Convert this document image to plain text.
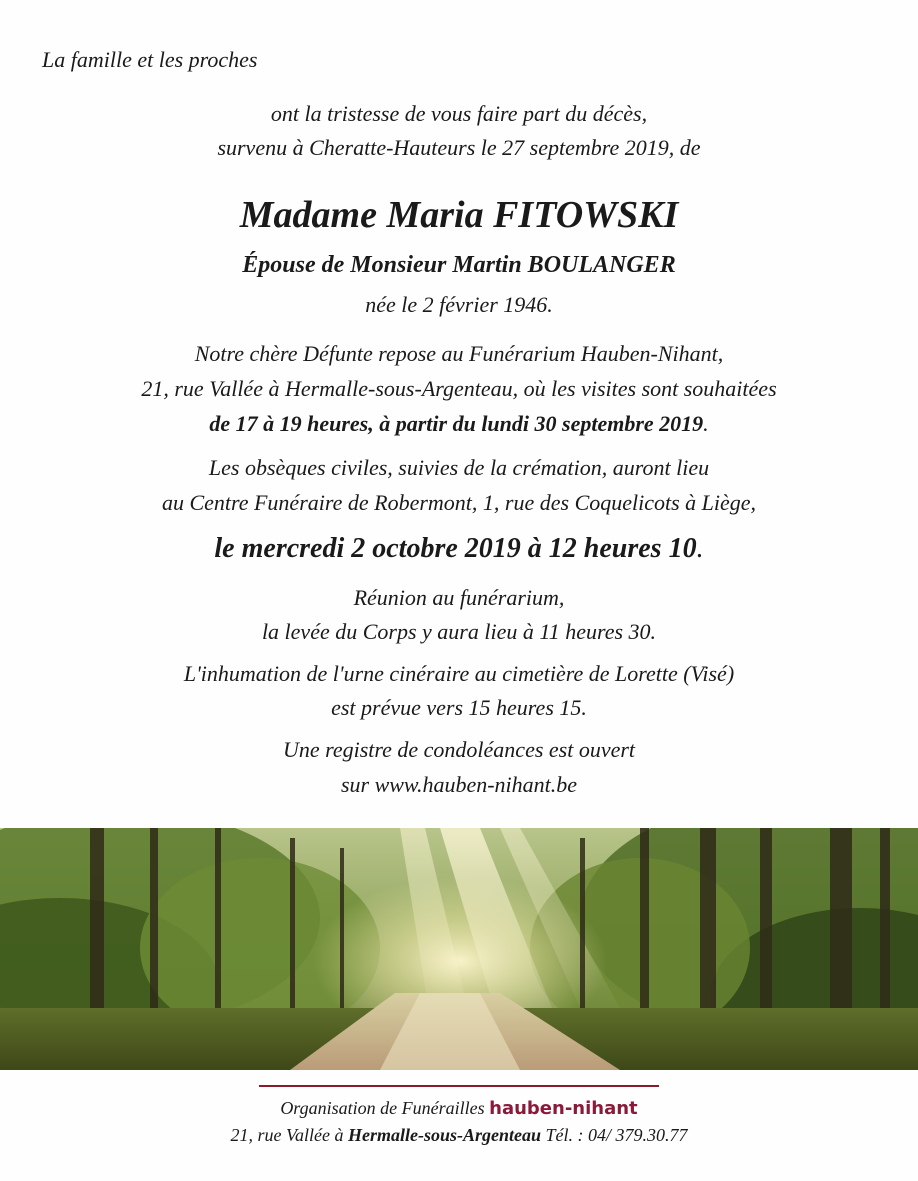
La famille et les proches
ont la tristesse de vous faire part du décès,
survenu à Cheratte-Hauteurs le 27 septembre 2019, de
Madame Maria FITOWSKI
Épouse de Monsieur Martin BOULANGER
née le 2 février 1946.
Notre chère Défunte repose au Funérarium Hauben-Nihant,
21, rue Vallée à Hermalle-sous-Argenteau, où les visites sont souhaitées
de 17 à 19 heures, à partir du lundi 30 septembre 2019.
Les obsèques civiles, suivies de la crémation, auront lieu
au Centre Funéraire de Robermont, 1, rue des Coquelicots à Liège,
le mercredi 2 octobre 2019 à 12 heures 10.
Réunion au funérarium,
la levée du Corps y aura lieu à 11 heures 30.
L'inhumation de l'urne cinéraire au cimetière de Lorette (Visé)
est prévue vers 15 heures 15.
Une registre de condoléances est ouvert
sur www.hauben-nihant.be
Organisation de Funérailles hauben-nihant
21, rue Vallée à Hermalle-sous-Argenteau Tél. : 04/ 379.30.77
